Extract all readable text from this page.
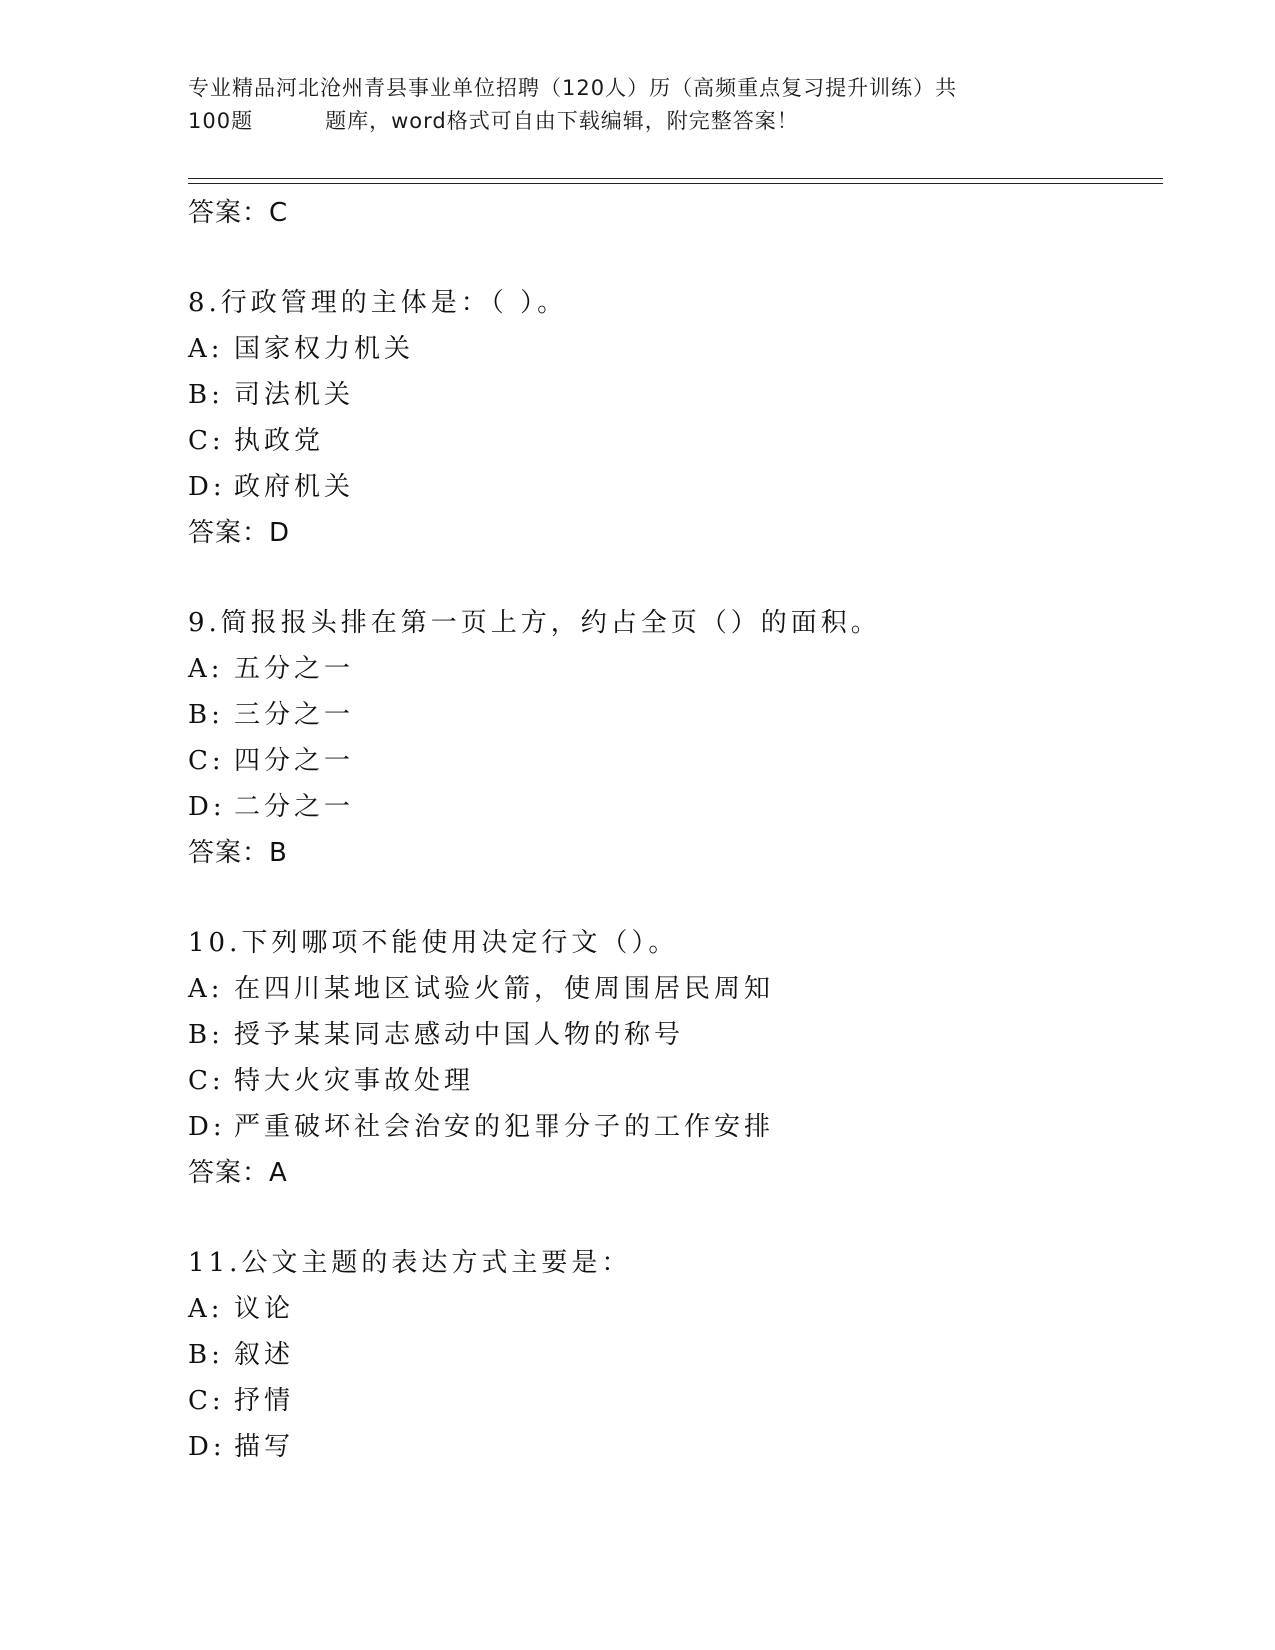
专业精品河北沧州青县事业单位招聘（120人）历（高频重点复习提升训练）共
100题	题库，word格式可自由下载编辑，附完整答案！
答案：C
8.行政管理的主体是：（ ）。
A: 国家权力机关
B: 司法机关
C: 执政党
D: 政府机关
答案：D
9.简报报头排在第一页上方，约占全页（）的面积。
A: 五分之一
B: 三分之一
C: 四分之一
D: 二分之一
答案：B
10.下列哪项不能使用决定行文（）。
A: 在四川某地区试验火箭，使周围居民周知
B: 授予某某同志感动中国人物的称号
C: 特大火灾事故处理
D: 严重破坏社会治安的犯罪分子的工作安排
答案：A
11.公文主题的表达方式主要是：
A: 议论
B: 叙述
C: 抒情
D: 描写
